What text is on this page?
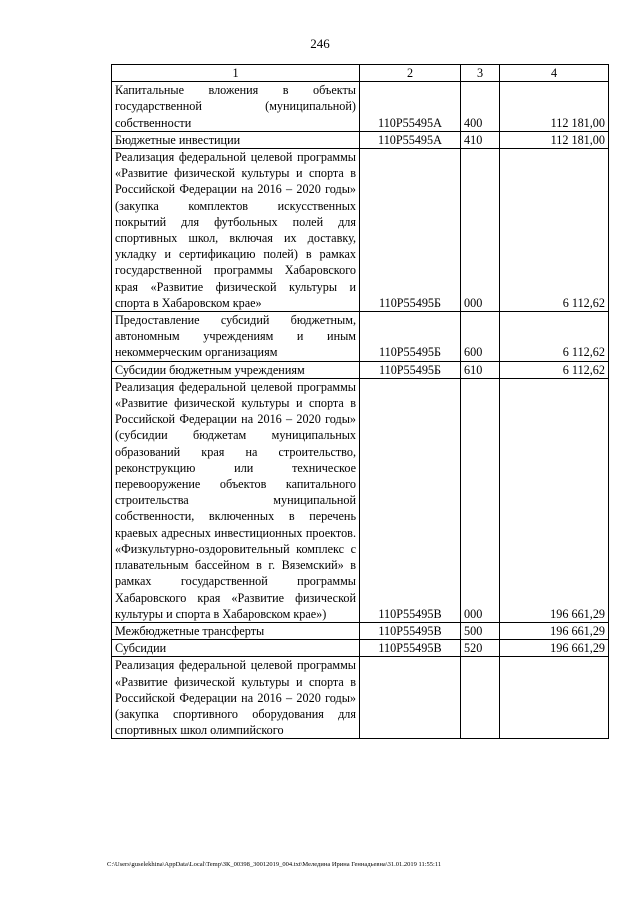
246
1	2	3	4
Капитальные вложения в объекты государственной (муниципальной) собственности	110P55495A	400	112 181,00
Бюджетные инвестиции	110P55495A	410	112 181,00
Реализация федеральной целевой программы «Развитие физической культуры и спорта в Российской Федерации на 2016 – 2020 годы» (закупка комплектов искусственных покрытий для футбольных полей для спортивных школ, включая их доставку, укладку и сертификацию полей) в рамках государственной программы Хабаровского края «Развитие физической культуры и спорта в Хабаровском крае»	110P55495Б	000	6 112,62
Предоставление субсидий бюджетным, автономным учреждениям и иным некоммерческим организациям	110P55495Б	600	6 112,62
Субсидии бюджетным учреждениям	110P55495Б	610	6 112,62
Реализация федеральной целевой программы «Развитие физической культуры и спорта в Российской Федерации на 2016 – 2020 годы» (субсидии бюджетам муниципальных образований края на строительство, реконструкцию или техническое перевооружение объектов капитального строительства муниципальной собственности, включенных в перечень краевых адресных инвестиционных проектов. «Физкультурно-оздоровительный комплекс с плавательным бассейном в г. Вяземский» в рамках государственной программы Хабаровского края «Развитие физической культуры и спорта в Хабаровском крае»)	110P55495В	000	196 661,29
Межбюджетные трансферты	110P55495В	500	196 661,29
Субсидии	110P55495В	520	196 661,29
Реализация федеральной целевой программы «Развитие физической культуры и спорта в Российской Федерации на 2016 – 2020 годы» (закупка спортивного оборудования для спортивных школ олимпийского			
C:\Users\guselekhina\AppData\Local\Temp\ЗК_00398_30012019_004.txt\Меледина Ирина Геннадьевна\31.01.2019 11:55:11
